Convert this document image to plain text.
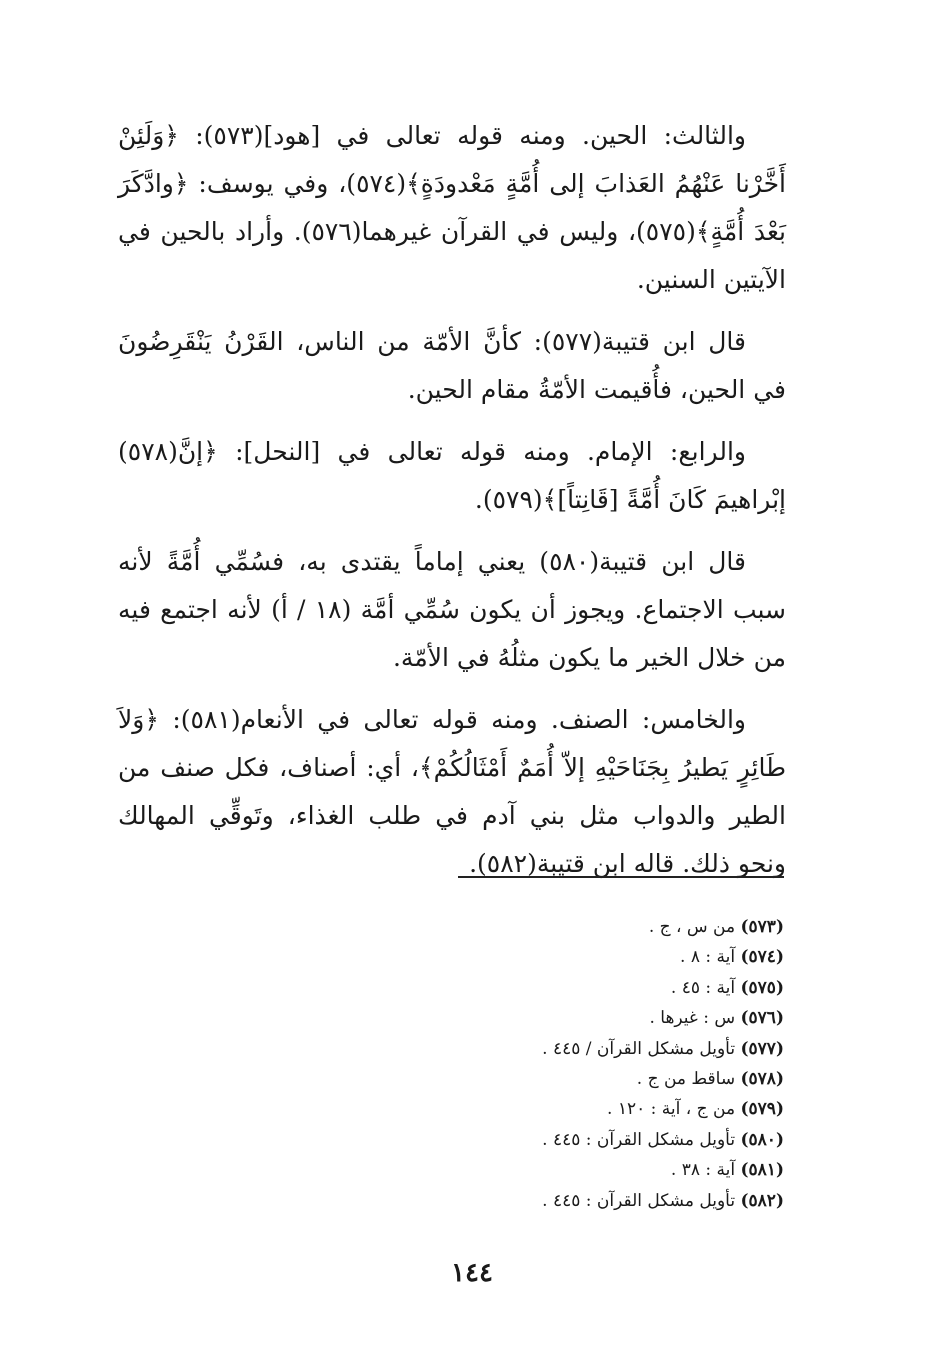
والثالث: الحين. ومنه قوله تعالى في [هود](٥٧٣): ﴿وَلَئِنْ أَخَّرْنا عَنْهُمُ العَذابَ إلى أُمَّةٍ مَعْدودَةٍ﴾(٥٧٤)، وفي يوسف: ﴿وادَّكَرَ بَعْدَ أُمَّةٍ﴾(٥٧٥)، وليس في القرآن غيرهما(٥٧٦). وأراد بالحين في الآيتين السنين.

قال ابن قتيبة(٥٧٧): كأنَّ الأمّة من الناس، القَرْنُ يَنْقَرِضُونَ في الحين، فأُقيمت الأمّةُ مقام الحين.

والرابع: الإمام. ومنه قوله تعالى في [النحل]: ﴿إنَّ(٥٧٨) إبْراهيمَ كَانَ أُمَّةً [قَانِتاً]﴾(٥٧٩).

قال ابن قتيبة(٥٨٠) يعني إماماً يقتدى به، فسُمِّي أُمَّةً لأنه سبب الاجتماع. ويجوز أن يكون سُمِّي أمَّة (١٨ / أ) لأنه اجتمع فيه من خلال الخير ما يكون مثلُهُ في الأمّة.

والخامس: الصنف. ومنه قوله تعالى في الأنعام(٥٨١): ﴿وَلاَ طَائِرٍ يَطيرُ بِجَنَاحَيْهِ إلاّ أُمَمٌ أَمْثَالُكُمْ﴾، أي: أصناف، فكل صنف من الطير والدواب مثل بني آدم في طلب الغذاء، وتَوقِّي المهالك ونحو ذلك. قاله ابن قتيبة(٥٨٢).

(٥٧٣) من س ، ج .
(٥٧٤) آية : ٨ .
(٥٧٥) آية : ٤٥ .
(٥٧٦) س : غيرها .
(٥٧٧) تأويل مشكل القرآن / ٤٤٥ .
(٥٧٨) ساقط من ج .
(٥٧٩) من ج ، آية : ١٢٠ .
(٥٨٠) تأويل مشكل القرآن : ٤٤٥ .
(٥٨١) آية : ٣٨ .
(٥٨٢) تأويل مشكل القرآن : ٤٤٥ .
١٤٤
